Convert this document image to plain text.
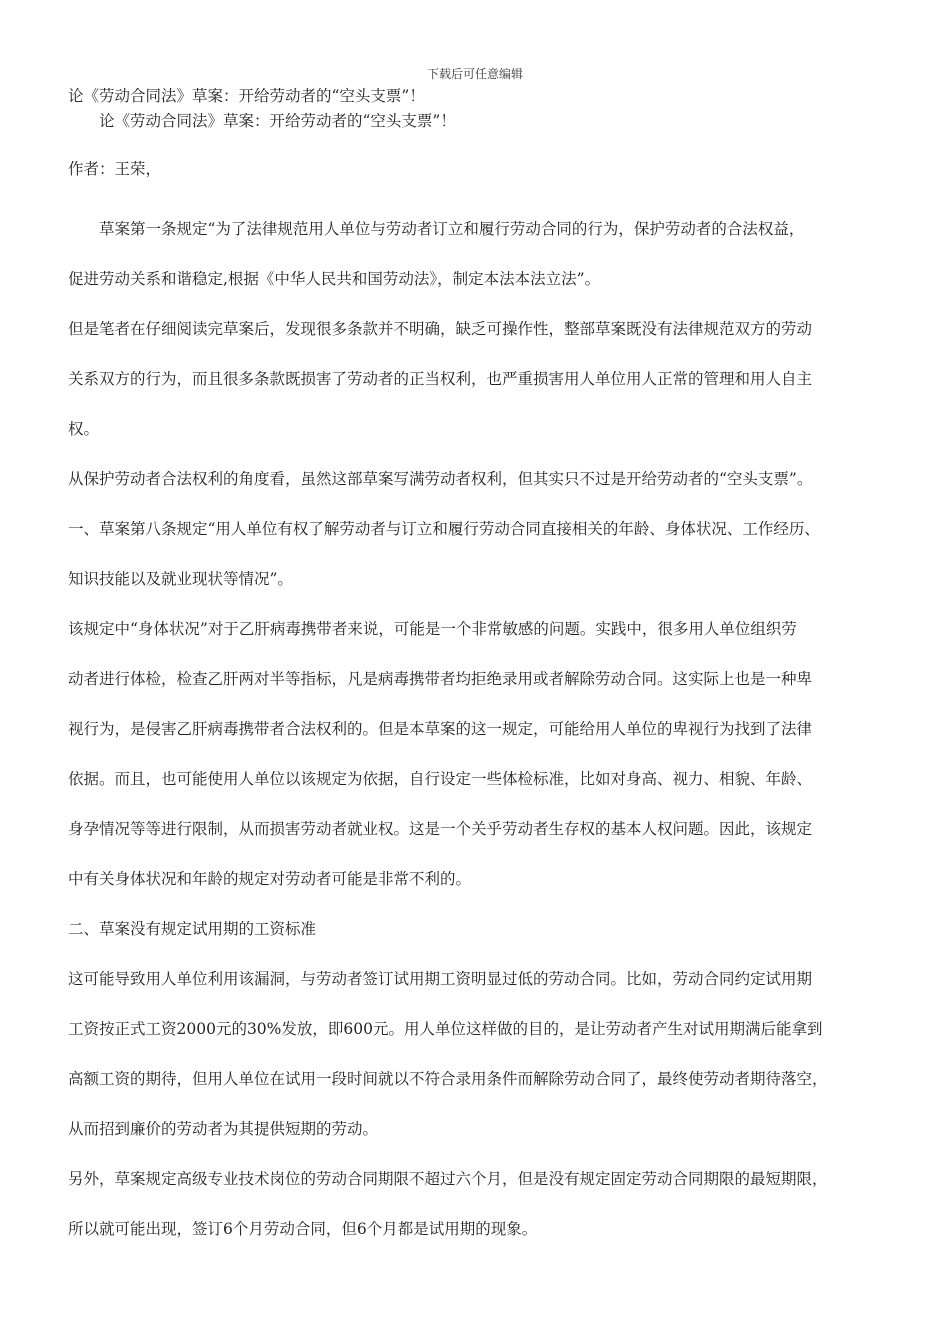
下载后可任意编辑

论《劳动合同法》草案：开给劳动者的“空头支票”！

论《劳动合同法》草案：开给劳动者的“空头支票”！

作者：王荣，

草案第一条规定“为了法律规范用人单位与劳动者订立和履行劳动合同的行为，保护劳动者的合法权益，

促进劳动关系和谐稳定,根据《中华人民共和国劳动法》，制定本法本法立法”。

但是笔者在仔细阅读完草案后，发现很多条款并不明确，缺乏可操作性，整部草案既没有法律规范双方的劳动

关系双方的行为，而且很多条款既损害了劳动者的正当权利，也严重损害用人单位用人正常的管理和用人自主

权。

从保护劳动者合法权利的角度看，虽然这部草案写满劳动者权利，但其实只不过是开给劳动者的“空头支票”。

一、草案第八条规定“用人单位有权了解劳动者与订立和履行劳动合同直接相关的年龄、身体状况、工作经历、

知识技能以及就业现状等情况”。

该规定中“身体状况”对于乙肝病毒携带者来说，可能是一个非常敏感的问题。实践中，很多用人单位组织劳

动者进行体检，检查乙肝两对半等指标，凡是病毒携带者均拒绝录用或者解除劳动合同。这实际上也是一种卑

视行为，是侵害乙肝病毒携带者合法权利的。但是本草案的这一规定，可能给用人单位的卑视行为找到了法律

依据。而且，也可能使用人单位以该规定为依据，自行设定一些体检标准，比如对身高、视力、相貌、年龄、

身孕情况等等进行限制，从而损害劳动者就业权。这是一个关乎劳动者生存权的基本人权问题。因此，该规定

中有关身体状况和年龄的规定对劳动者可能是非常不利的。

二、草案没有规定试用期的工资标准

这可能导致用人单位利用该漏洞，与劳动者签订试用期工资明显过低的劳动合同。比如，劳动合同约定试用期

工资按正式工资2000元的30%发放，即600元。用人单位这样做的目的，是让劳动者产生对试用期满后能拿到

高额工资的期待，但用人单位在试用一段时间就以不符合录用条件而解除劳动合同了，最终使劳动者期待落空，

从而招到廉价的劳动者为其提供短期的劳动。

另外，草案规定高级专业技术岗位的劳动合同期限不超过六个月，但是没有规定固定劳动合同期限的最短期限，

所以就可能出现，签订6个月劳动合同，但6个月都是试用期的现象。
